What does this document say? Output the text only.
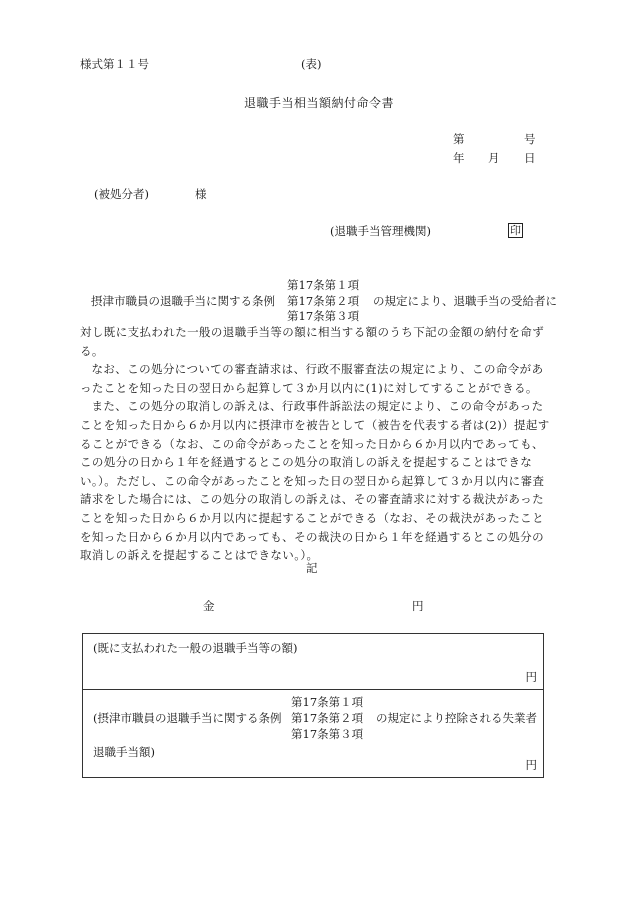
様式第１１号	(表)
退職手当相当額納付命令書
第	号
年 月 日
(被処分者)	様
(退職手当管理機関)	印
第17条第１項
摂津市職員の退職手当に関する条例 第17条第２項 の規定により、退職手当の受給者に
第17条第３項

対し既に支払われた一般の退職手当等の額に相当する額のうち下記の金額の納付を命ずる。

なお、この処分についての審査請求は、行政不服審査法の規定により、この命令があったことを知った日の翌日から起算して３か月以内に(1)に対してすることができる。

また、この処分の取消しの訴えは、行政事件訴訟法の規定により、この命令があったことを知った日から６か月以内に摂津市を被告として（被告を代表する者は(2)）提起することができる（なお、この命令があったことを知った日から６か月以内であっても、この処分の日から１年を経過するとこの処分の取消しの訴えを提起することはできない。）。ただし、この命令があったことを知った日の翌日から起算して３か月以内に審査請求をした場合には、この処分の取消しの訴えは、その審査請求に対する裁決があったことを知った日から６か月以内に提起することができる（なお、その裁決があったことを知った日から６か月以内であっても、その裁決の日から１年を経過するとこの処分の取消しの訴えを提起することはできない。）。

記
金	円
(既に支払われた一般の退職手当等の額)
円
第17条第１項
(摂津市職員の退職手当に関する条例 第17条第２項 の規定により控除される失業者
第17条第３項
退職手当額)
円
